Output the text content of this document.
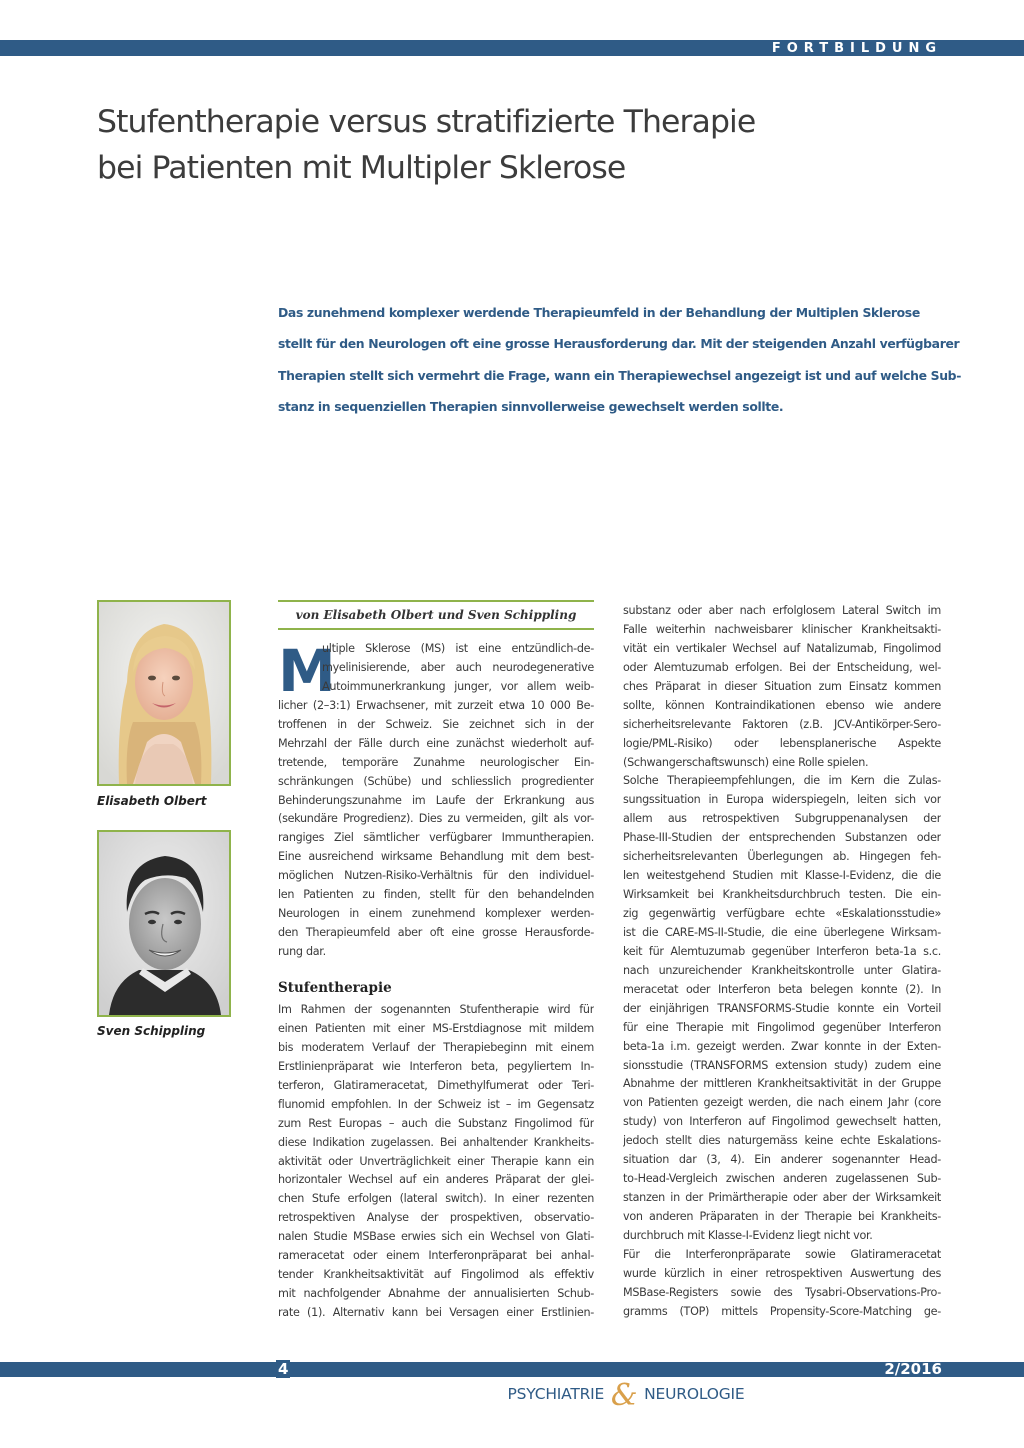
FORTBILDUNG
Stufentherapie versus stratifizierte Therapie
bei Patienten mit Multipler Sklerose
Das zunehmend komplexer werdende Therapieumfeld in der Behandlung der Multiplen Sklerose
stellt für den Neurologen oft eine grosse Herausforderung dar. Mit der steigenden Anzahl verfügbarer
Therapien stellt sich vermehrt die Frage, wann ein Therapiewechsel angezeigt ist und auf welche Sub-
stanz in sequenziellen Therapien sinnvollerweise gewechselt werden sollte.
Elisabeth Olbert
Sven Schippling
von Elisabeth Olbert und Sven Schippling
M
ultiple Sklerose (MS) ist eine entzündlich-de-
myelinisierende, aber auch neurodegenerative
Autoimmunerkrankung junger, vor allem weib-
licher (2–3:1) Erwachsener, mit zurzeit etwa 10 000 Be-
troffenen in der Schweiz. Sie zeichnet sich in der
Mehrzahl der Fälle durch eine zunächst wiederholt auf-
tretende, temporäre Zunahme neurologischer Ein-
schränkungen (Schübe) und schliesslich progredienter
Behinderungszunahme im Laufe der Erkrankung aus
(sekundäre Progredienz). Dies zu vermeiden, gilt als vor-
rangiges Ziel sämtlicher verfügbarer Immuntherapien.
Eine ausreichend wirksame Behandlung mit dem best-
möglichen Nutzen-Risiko-Verhältnis für den individuel-
len Patienten zu finden, stellt für den behandelnden
Neurologen in einem zunehmend komplexer werden-
den Therapieumfeld aber oft eine grosse Herausforde-
rung dar.
Stufentherapie
Im Rahmen der sogenannten Stufentherapie wird für
einen Patienten mit einer MS-Erstdiagnose mit mildem
bis moderatem Verlauf der Therapiebeginn mit einem
Erstlinienpräparat wie Interferon beta, pegyliertem In-
terferon, Glatirameracetat, Dimethylfumerat oder Teri-
flunomid empfohlen. In der Schweiz ist – im Gegensatz
zum Rest Europas – auch die Substanz Fingolimod für
diese Indikation zugelassen. Bei anhaltender Krankheits-
aktivität oder Unverträglichkeit einer Therapie kann ein
horizontaler Wechsel auf ein anderes Präparat der glei-
chen Stufe erfolgen (lateral switch). In einer rezenten
retrospektiven Analyse der prospektiven, observatio-
nalen Studie MSBase erwies sich ein Wechsel von Glati-
rameracetat oder einem Interferonpräparat bei anhal-
tender Krankheitsaktivität auf Fingolimod als effektiv
mit nachfolgender Abnahme der annualisierten Schub-
rate (1). Alternativ kann bei Versagen einer Erstlinien-
substanz oder aber nach erfolglosem Lateral Switch im
Falle weiterhin nachweisbarer klinischer Krankheitsakti-
vität ein vertikaler Wechsel auf Natalizumab, Fingolimod
oder Alemtuzumab erfolgen. Bei der Entscheidung, wel-
ches Präparat in dieser Situation zum Einsatz kommen
sollte, können Kontraindikationen ebenso wie andere
sicherheitsrelevante Faktoren (z.B. JCV-Antikörper-Sero-
logie/PML-Risiko) oder lebensplanerische Aspekte
(Schwangerschaftswunsch) eine Rolle spielen.
Solche Therapieempfehlungen, die im Kern die Zulas-
sungssituation in Europa widerspiegeln, leiten sich vor
allem aus retrospektiven Subgruppenanalysen der
Phase-III-Studien der entsprechenden Substanzen oder
sicherheitsrelevanten Überlegungen ab. Hingegen feh-
len weitestgehend Studien mit Klasse-I-Evidenz, die die
Wirksamkeit bei Krankheitsdurchbruch testen. Die ein-
zig gegenwärtig verfügbare echte «Eskalationsstudie»
ist die CARE-MS-II-Studie, die eine überlegene Wirksam-
keit für Alemtuzumab gegenüber Interferon beta-1a s.c.
nach unzureichender Krankheitskontrolle unter Glatira-
meracetat oder Interferon beta belegen konnte (2). In
der einjährigen TRANSFORMS-Studie konnte ein Vorteil
für eine Therapie mit Fingolimod gegenüber Interferon
beta-1a i.m. gezeigt werden. Zwar konnte in der Exten-
sionsstudie (TRANSFORMS extension study) zudem eine
Abnahme der mittleren Krankheitsaktivität in der Gruppe
von Patienten gezeigt werden, die nach einem Jahr (core
study) von Interferon auf Fingolimod gewechselt hatten,
jedoch stellt dies naturgemäss keine echte Eskalations-
situation dar (3, 4). Ein anderer sogenannter Head-
to-Head-Vergleich zwischen anderen zugelassenen Sub-
stanzen in der Primärtherapie oder aber der Wirksamkeit
von anderen Präparaten in der Therapie bei Krankheits-
durchbruch mit Klasse-I-Evidenz liegt nicht vor.
Für die Interferonpräparate sowie Glatirameracetat
wurde kürzlich in einer retrospektiven Auswertung des
MSBase-Registers sowie des Tysabri-Observations-Pro-
gramms (TOP) mittels Propensity-Score-Matching ge-
4	2/2016
PSYCHIATRIE & NEUROLOGIE
